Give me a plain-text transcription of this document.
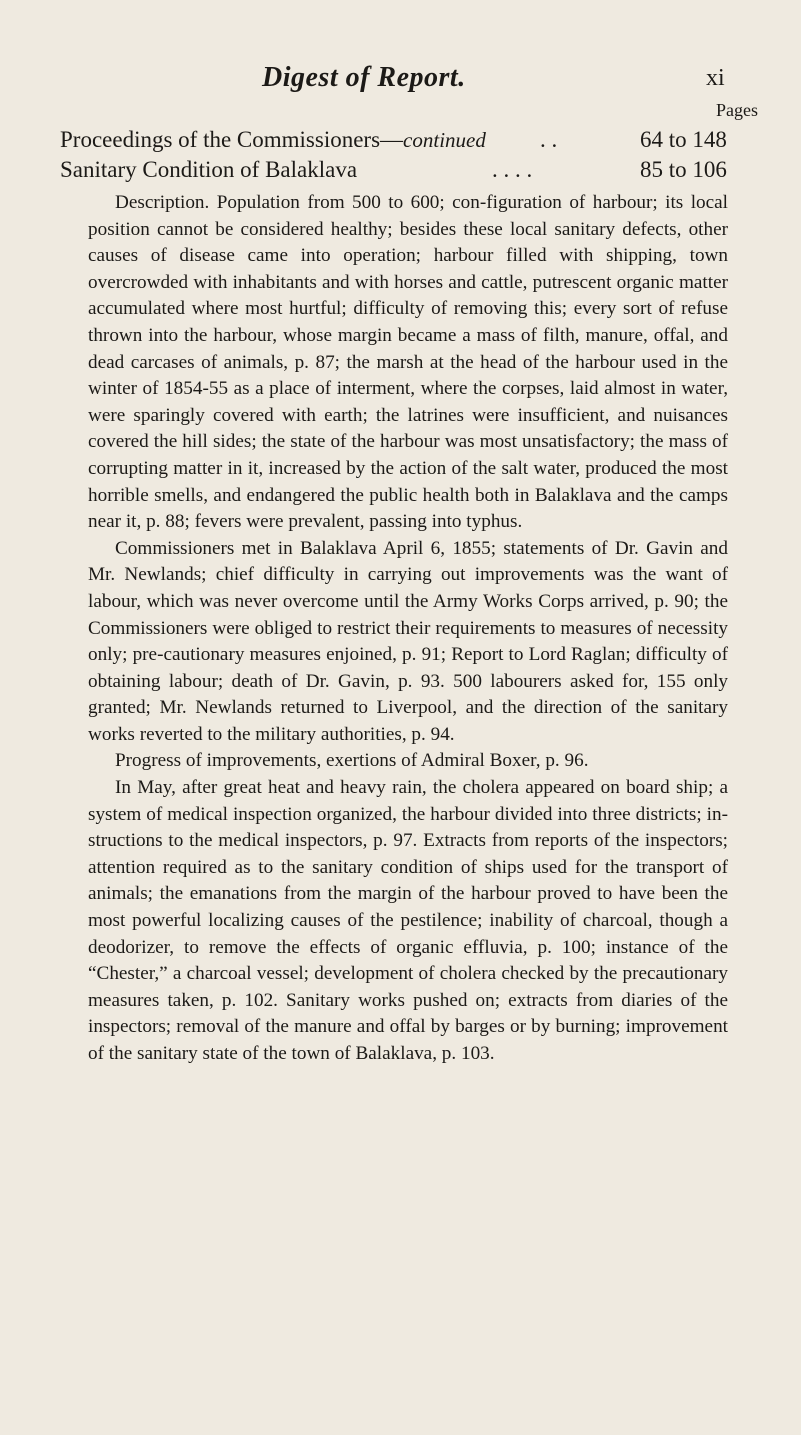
Digest of Report.	xi
Pages
Proceedings of the Commissioners—continued . .	64 to 148
Sanitary Condition of Balaklava	. . . .	85 to 106

Description. Population from 500 to 600; con-figuration of harbour; its local position cannot be considered healthy; besides these local sanitary defects, other causes of disease came into operation; harbour filled with shipping, town overcrowded with inhabitants and with horses and cattle, putrescent organic matter accumulated where most hurtful; difficulty of removing this; every sort of refuse thrown into the harbour, whose margin became a mass of filth, manure, offal, and dead carcases of animals, p. 87; the marsh at the head of the harbour used in the winter of 1854-55 as a place of interment, where the corpses, laid almost in water, were sparingly covered with earth; the latrines were insufficient, and nuisances covered the hill sides; the state of the harbour was most unsatisfactory; the mass of corrupting matter in it, increased by the action of the salt water, produced the most horrible smells, and endangered the public health both in Balaklava and the camps near it, p. 88; fevers were prevalent, passing into typhus.

Commissioners met in Balaklava April 6, 1855; statements of Dr. Gavin and Mr. Newlands; chief difficulty in carrying out improvements was the want of labour, which was never overcome until the Army Works Corps arrived, p. 90; the Commissioners were obliged to restrict their requirements to measures of necessity only; pre-cautionary measures enjoined, p. 91; Report to Lord Raglan; difficulty of obtaining labour; death of Dr. Gavin, p. 93. 500 labourers asked for, 155 only granted; Mr. Newlands returned to Liverpool, and the direction of the sanitary works reverted to the military authorities, p. 94.

Progress of improvements, exertions of Admiral Boxer, p. 96.

In May, after great heat and heavy rain, the cholera appeared on board ship; a system of medical inspection organized, the harbour divided into three districts; in-structions to the medical inspectors, p. 97. Extracts from reports of the inspectors; attention required as to the sanitary condition of ships used for the transport of animals; the emanations from the margin of the harbour proved to have been the most powerful localizing causes of the pestilence; inability of charcoal, though a deodorizer, to remove the effects of organic effluvia, p. 100; instance of the “Chester,” a charcoal vessel; development of cholera checked by the precautionary measures taken, p. 102. Sanitary works pushed on; extracts from diaries of the inspectors; removal of the manure and offal by barges or by burning; improvement of the sanitary state of the town of Balaklava, p. 103.
